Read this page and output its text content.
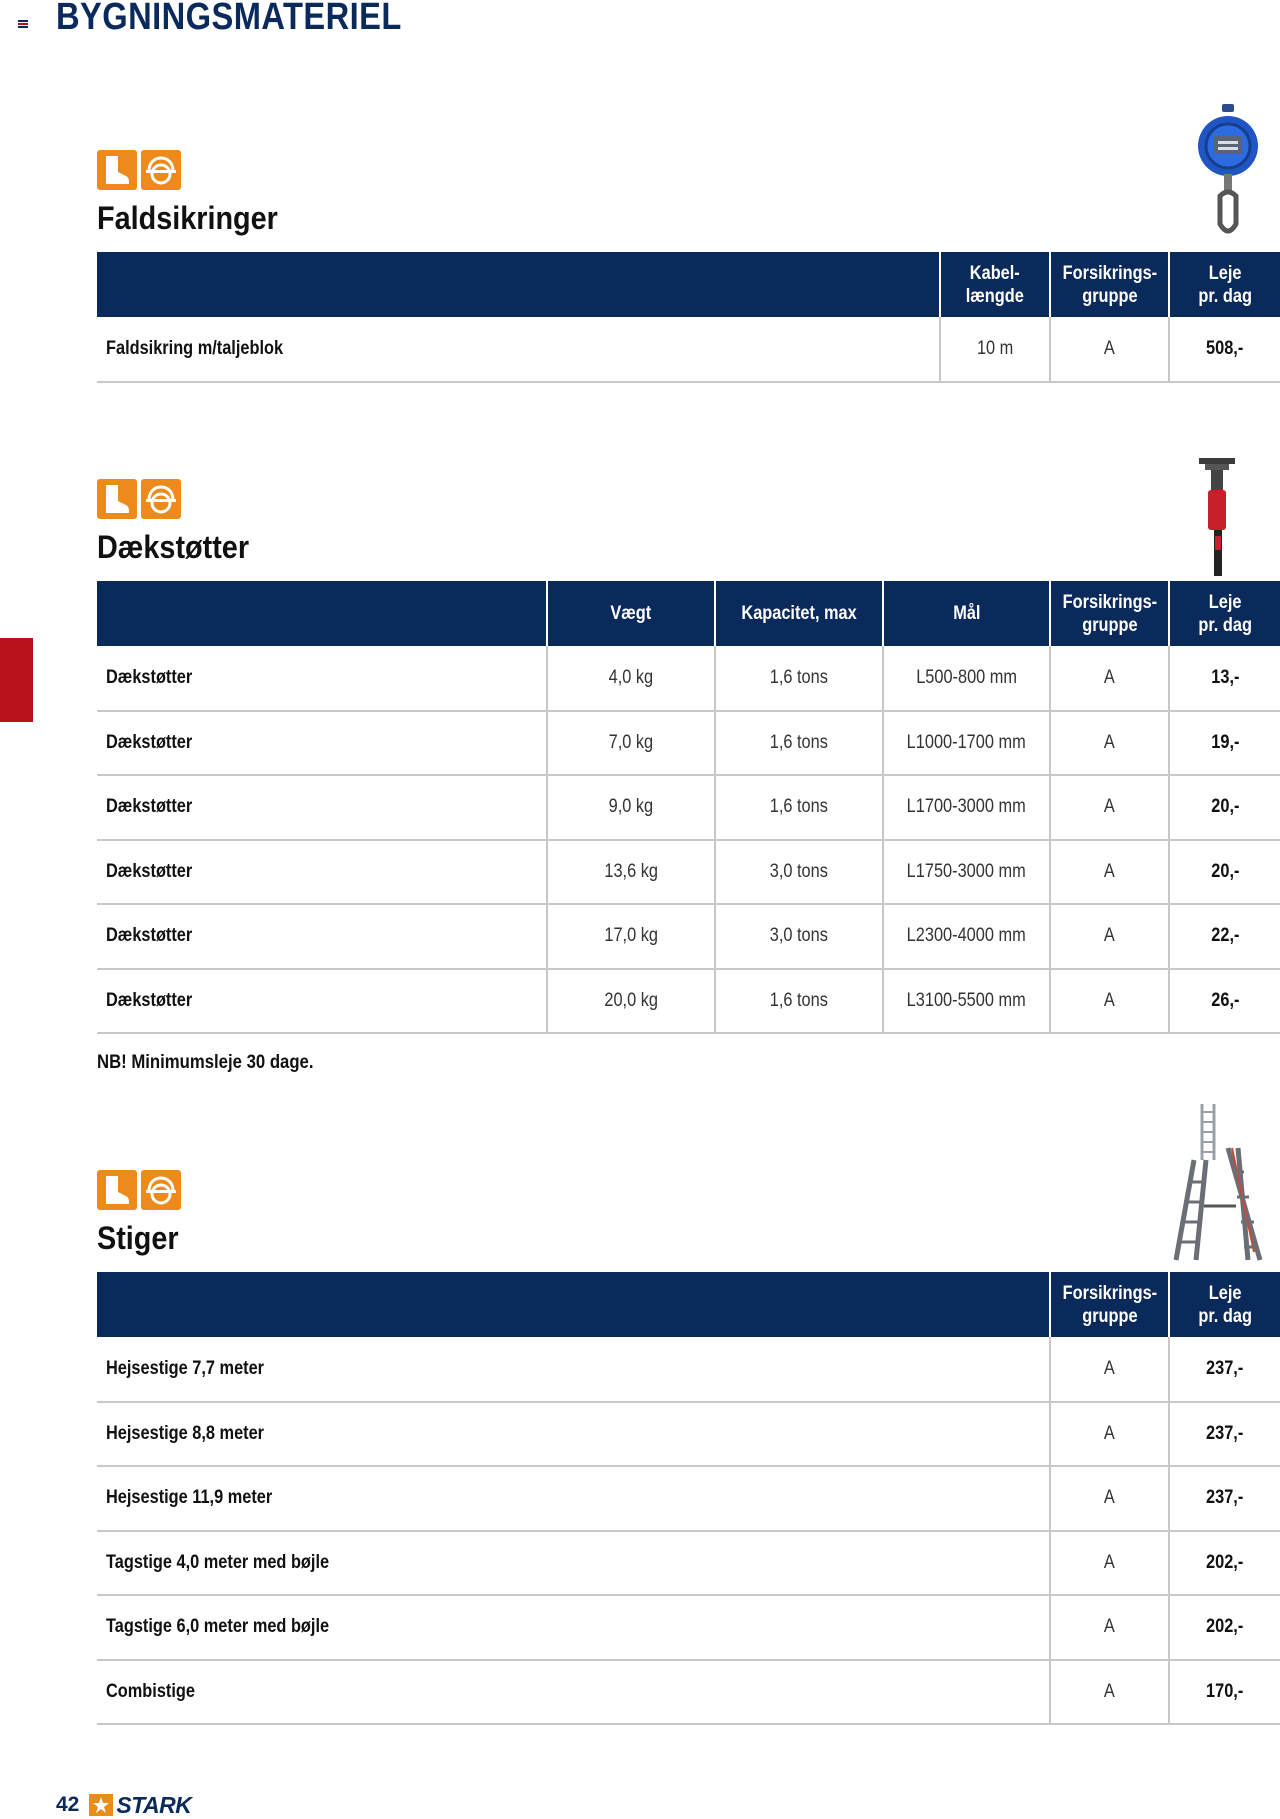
BYGNINGSMATERIEL
Faldsikringer
	Kabel-
længde	Forsikrings-
gruppe	Leje
pr. dag
Faldsikring m/taljeblok	10 m	A	508,-
Dækstøtter
	Vægt	Kapacitet, max	Mål	Forsikrings-
gruppe	Leje
pr. dag
Dækstøtter	4,0 kg	1,6 tons	L500-800 mm	A	13,-
Dækstøtter	7,0 kg	1,6 tons	L1000-1700 mm	A	19,-
Dækstøtter	9,0 kg	1,6 tons	L1700-3000 mm	A	20,-
Dækstøtter	13,6 kg	3,0 tons	L1750-3000 mm	A	20,-
Dækstøtter	17,0 kg	3,0 tons	L2300-4000 mm	A	22,-
Dækstøtter	20,0 kg	1,6 tons	L3100-5500 mm	A	26,-
NB! Minimumsleje 30 dage.
Stiger
	Forsikrings-
gruppe	Leje
pr. dag
Hejsestige 7,7 meter	A	237,-
Hejsestige 8,8 meter	A	237,-
Hejsestige 11,9 meter	A	237,-
Tagstige 4,0 meter med bøjle	A	202,-
Tagstige 6,0 meter med bøjle	A	202,-
Combistige	A	170,-
42 STARK
